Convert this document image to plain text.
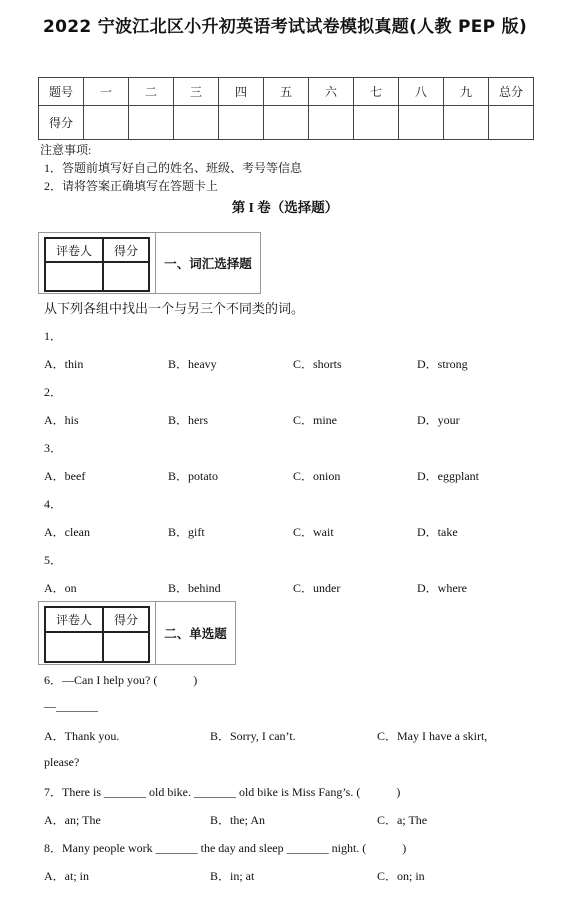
2022 宁波江北区小升初英语考试试卷模拟真题(人教 PEP 版)
题号	一	二	三	四	五	六	七	八	九	总分
得分										
注意事项:
1．答题前填写好自己的姓名、班级、考号等信息
2．请将答案正确填写在答题卡上
第 I 卷（选择题）
评卷人	得分

一、词汇选择题
从下列各组中找出一个与另三个不同类的词。
1．
A．thin	B．heavy	C．shorts	D．strong
2．
A．his	B．hers	C．mine	D．your
3．
A．beef	B．potato	C．onion	D．eggplant
4．
A．clean	B．gift	C．wait	D．take
5．
A．on	B．behind	C．under	D．where
评卷人	得分

二、单选题
6．—Can I help you? (　　　)
—_______
A．Thank you.	B．Sorry, I can’t.	C．May I have a skirt,
please?
7．There is _______ old bike. _______ old bike is Miss Fang’s. (　　　)
A．an; The	B．the; An	C．a; The
8．Many people work _______ the day and sleep _______ night. (　　　)
A．at; in	B．in; at	C．on; in
